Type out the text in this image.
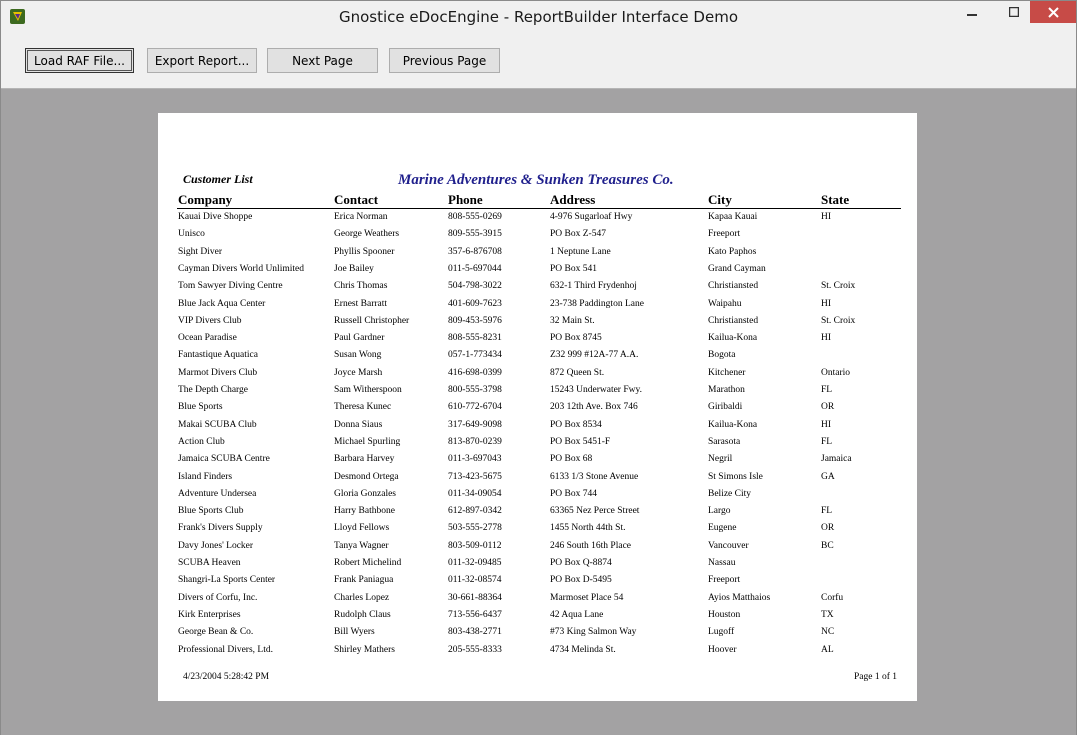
Gnostice eDocEngine - ReportBuilder Interface Demo
Load RAF File...	Export Report...	Next Page	Previous Page
Customer List	Marine Adventures & Sunken Treasures Co.
Company	Contact	Phone	Address	City	State
Kauai Dive Shoppe	Erica Norman	808-555-0269	4-976 Sugarloaf Hwy	Kapaa Kauai	HI
Unisco	George Weathers	809-555-3915	PO Box Z-547	Freeport
Sight Diver	Phyllis Spooner	357-6-876708	1 Neptune Lane	Kato Paphos
Cayman Divers World Unlimited	Joe Bailey	011-5-697044	PO Box 541	Grand Cayman
Tom Sawyer Diving Centre	Chris Thomas	504-798-3022	632-1 Third Frydenhoj	Christiansted	St. Croix
Blue Jack Aqua Center	Ernest Barratt	401-609-7623	23-738 Paddington Lane	Waipahu	HI
VIP Divers Club	Russell Christopher	809-453-5976	32 Main St.	Christiansted	St. Croix
Ocean Paradise	Paul Gardner	808-555-8231	PO Box 8745	Kailua-Kona	HI
Fantastique Aquatica	Susan Wong	057-1-773434	Z32 999 #12A-77 A.A.	Bogota
Marmot Divers Club	Joyce Marsh	416-698-0399	872 Queen St.	Kitchener	Ontario
The Depth Charge	Sam Witherspoon	800-555-3798	15243 Underwater Fwy.	Marathon	FL
Blue Sports	Theresa Kunec	610-772-6704	203 12th Ave. Box 746	Giribaldi	OR
Makai SCUBA Club	Donna Siaus	317-649-9098	PO Box 8534	Kailua-Kona	HI
Action Club	Michael Spurling	813-870-0239	PO Box 5451-F	Sarasota	FL
Jamaica SCUBA Centre	Barbara Harvey	011-3-697043	PO Box 68	Negril	Jamaica
Island Finders	Desmond Ortega	713-423-5675	6133 1/3 Stone Avenue	St Simons Isle	GA
Adventure Undersea	Gloria Gonzales	011-34-09054	PO Box 744	Belize City
Blue Sports Club	Harry Bathbone	612-897-0342	63365 Nez Perce Street	Largo	FL
Frank's Divers Supply	Lloyd Fellows	503-555-2778	1455 North 44th St.	Eugene	OR
Davy Jones' Locker	Tanya Wagner	803-509-0112	246 South 16th Place	Vancouver	BC
SCUBA Heaven	Robert Michelind	011-32-09485	PO Box Q-8874	Nassau
Shangri-La Sports Center	Frank Paniagua	011-32-08574	PO Box D-5495	Freeport
Divers of Corfu, Inc.	Charles Lopez	30-661-88364	Marmoset Place 54	Ayios Matthaios	Corfu
Kirk Enterprises	Rudolph Claus	713-556-6437	42 Aqua Lane	Houston	TX
George Bean & Co.	Bill Wyers	803-438-2771	#73 King Salmon Way	Lugoff	NC
Professional Divers, Ltd.	Shirley Mathers	205-555-8333	4734 Melinda St.	Hoover	AL
4/23/2004 5:28:42 PM	Page 1 of 1
